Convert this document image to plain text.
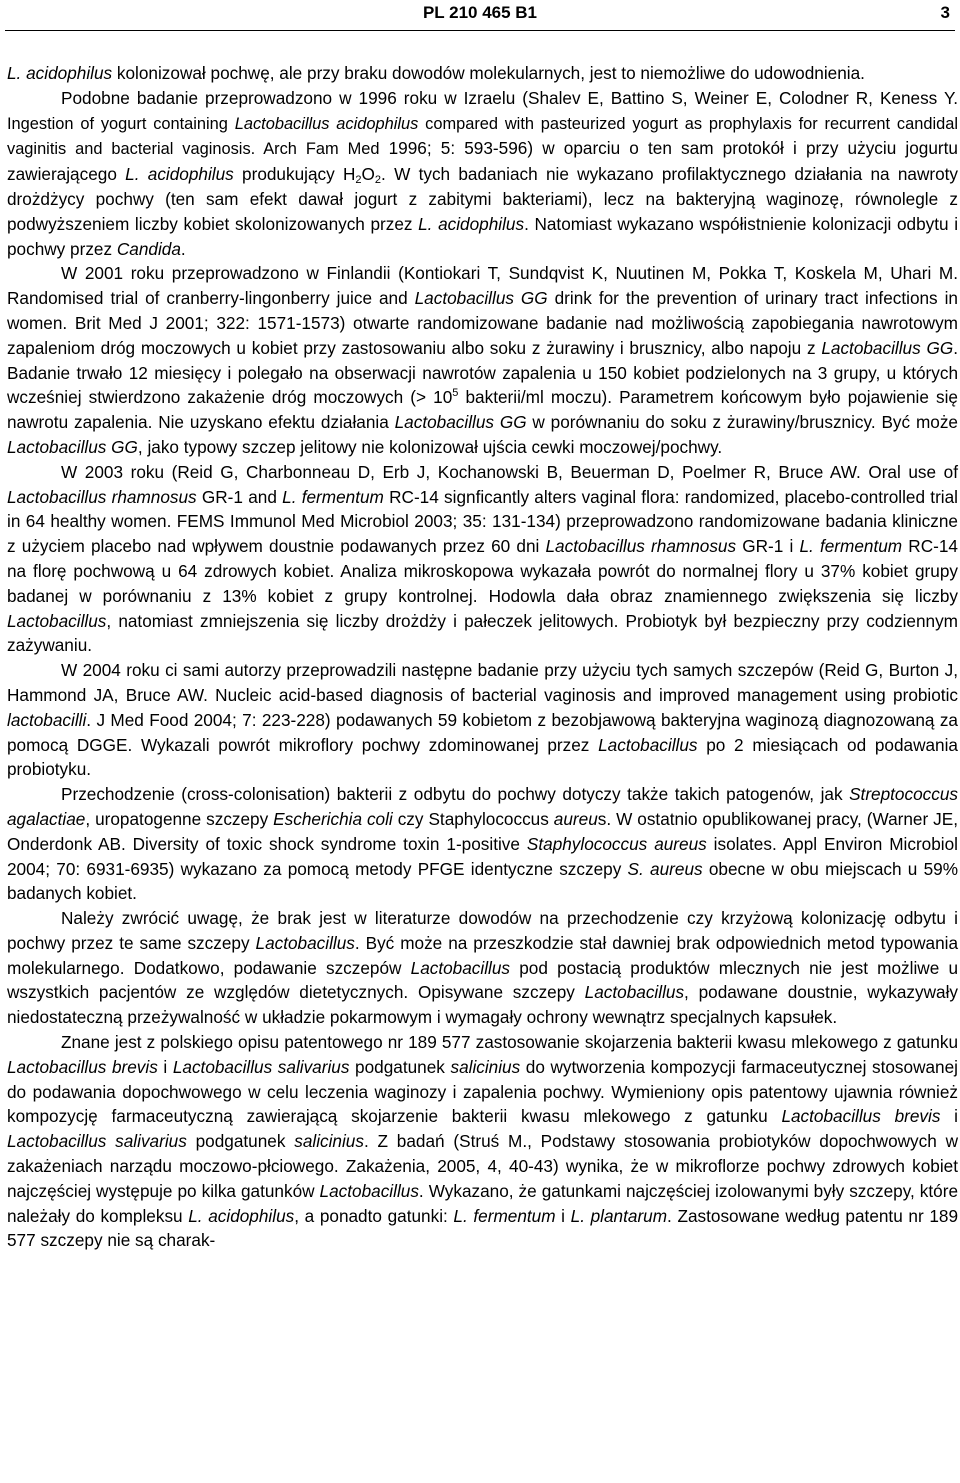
PL 210 465 B1	3

L. acidophilus kolonizował pochwę, ale przy braku dowodów molekularnych, jest to niemożliwe do udowodnienia.

Podobne badanie przeprowadzono w 1996 roku w Izraelu (Shalev E, Battino S, Weiner E, Colodner R, Keness Y. Ingestion of yogurt containing Lactobacillus acidophilus compared with pasteurized yogurt as prophylaxis for recurrent candidal vaginitis and bacterial vaginosis. Arch Fam Med 1996; 5: 593-596) w oparciu o ten sam protokół i przy użyciu jogurtu zawierającego L. acidophilus produkujący $H_2O_2$. W tych badaniach nie wykazano profilaktycznego działania na nawroty drożdżycy pochwy (ten sam efekt dawał jogurt z zabitymi bakteriami), lecz na bakteryjną waginozę, równolegle z podwyższeniem liczby kobiet skolonizowanych przez L. acidophilus. Natomiast wykazano współistnienie kolonizacji odbytu i pochwy przez Candida.

W 2001 roku przeprowadzono w Finlandii (Kontiokari T, Sundqvist K, Nuutinen M, Pokka T, Koskela M, Uhari M. Randomised trial of cranberry-lingonberry juice and Lactobacillus GG drink for the prevention of urinary tract infections in women. Brit Med J 2001; 322: 1571-1573) otwarte randomizowane badanie nad możliwością zapobiegania nawrotowym zapaleniom dróg moczowych u kobiet przy zastosowaniu albo soku z żurawiny i brusznicy, albo napoju z Lactobacillus GG. Badanie trwało 12 miesięcy i polegało na obserwacji nawrotów zapalenia u 150 kobiet podzielonych na 3 grupy, u których wcześniej stwierdzono zakażenie dróg moczowych (> $10^5$ bakterii/ml moczu). Parametrem końcowym było pojawienie się nawrotu zapalenia. Nie uzyskano efektu działania Lactobacillus GG w porównaniu do soku z żurawiny/brusznicy. Być może Lactobacillus GG, jako typowy szczep jelitowy nie kolonizował ujścia cewki moczowej/pochwy.

W 2003 roku (Reid G, Charbonneau D, Erb J, Kochanowski B, Beuerman D, Poelmer R, Bruce AW. Oral use of Lactobacillus rhamnosus GR-1 and L. fermentum RC-14 signficantly alters vaginal flora: randomized, placebo-controlled trial in 64 healthy women. FEMS Immunol Med Microbiol 2003; 35: 131-134) przeprowadzono randomizowane badania kliniczne z użyciem placebo nad wpływem doustnie podawanych przez 60 dni Lactobacillus rhamnosus GR-1 i L. fermentum RC-14 na florę pochwową u 64 zdrowych kobiet. Analiza mikroskopowa wykazała powrót do normalnej flory u 37% kobiet grupy badanej w porównaniu z 13% kobiet z grupy kontrolnej. Hodowla dała obraz znamiennego zwiększenia się liczby Lactobacillus, natomiast zmniejszenia się liczby drożdży i pałeczek jelitowych. Probiotyk był bezpieczny przy codziennym zażywaniu.

W 2004 roku ci sami autorzy przeprowadzili następne badanie przy użyciu tych samych szczepów (Reid G, Burton J, Hammond JA, Bruce AW. Nucleic acid-based diagnosis of bacterial vaginosis and improved management using probiotic lactobacilli. J Med Food 2004; 7: 223-228) podawanych 59 kobietom z bezobjawową bakteryjna waginozą diagnozowaną za pomocą DGGE. Wykazali powrót mikroflory pochwy zdominowanej przez Lactobacillus po 2 miesiącach od podawania probiotyku.

Przechodzenie (cross-colonisation) bakterii z odbytu do pochwy dotyczy także takich patogenów, jak Streptococcus agalactiae, uropatogenne szczepy Escherichia coli czy Staphylococcus aureus. W ostatnio opublikowanej pracy, (Warner JE, Onderdonk AB. Diversity of toxic shock syndrome toxin 1-positive Staphylococcus aureus isolates. Appl Environ Microbiol 2004; 70: 6931-6935) wykazano za pomocą metody PFGE identyczne szczepy S. aureus obecne w obu miejscach u 59% badanych kobiet.

Należy zwrócić uwagę, że brak jest w literaturze dowodów na przechodzenie czy krzyżową kolonizację odbytu i pochwy przez te same szczepy Lactobacillus. Być może na przeszkodzie stał dawniej brak odpowiednich metod typowania molekularnego. Dodatkowo, podawanie szczepów Lactobacillus pod postacią produktów mlecznych nie jest możliwe u wszystkich pacjentów ze względów dietetycznych. Opisywane szczepy Lactobacillus, podawane doustnie, wykazywały niedostateczną przeżywalność w układzie pokarmowym i wymagały ochrony wewnątrz specjalnych kapsułek.

Znane jest z polskiego opisu patentowego nr 189 577 zastosowanie skojarzenia bakterii kwasu mlekowego z gatunku Lactobacillus brevis i Lactobacillus salivarius podgatunek salicinius do wytworzenia kompozycji farmaceutycznej stosowanej do podawania dopochwowego w celu leczenia waginozy i zapalenia pochwy. Wymieniony opis patentowy ujawnia również kompozycję farmaceutyczną zawierającą skojarzenie bakterii kwasu mlekowego z gatunku Lactobacillus brevis i Lactobacillus salivarius podgatunek salicinius. Z badań (Struś M., Podstawy stosowania probiotyków dopochwowych w zakażeniach narządu moczowo-płciowego. Zakażenia, 2005, 4, 40-43) wynika, że w mikroflorze pochwy zdrowych kobiet najczęściej występuje po kilka gatunków Lactobacillus. Wykazano, że gatunkami najczęściej izolowanymi były szczepy, które należały do kompleksu L. acidophilus, a ponadto gatunki: L. fermentum i L. plantarum. Zastosowane według patentu nr 189 577 szczepy nie są charak-
